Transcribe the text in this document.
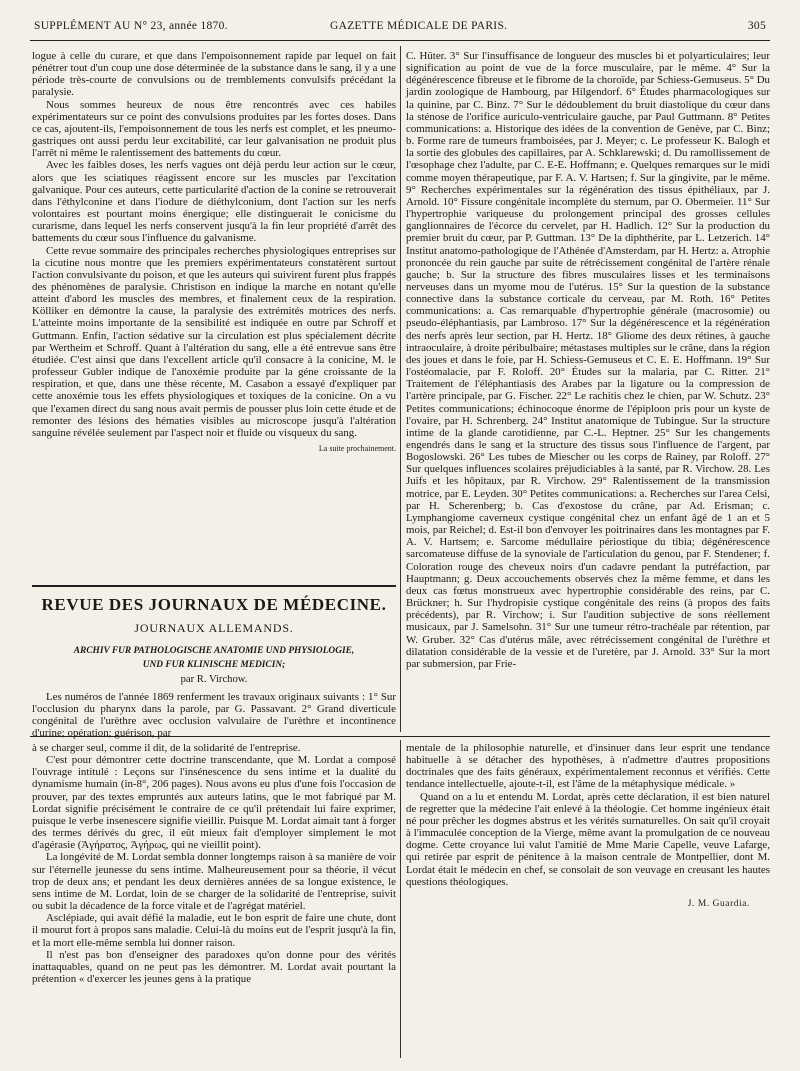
SUPPLÉMENT AU N° 23, année 1870.	GAZETTE MÉDICALE DE PARIS.	305

logue à celle du curare, et que dans l'empoisonnement rapide par lequel on fait pénétrer tout d'un coup une dose déterminée de la substance dans le sang, il y a une période très-courte de convulsions ou de tremblements convulsifs précédant la paralysie.

Nous sommes heureux de nous être rencontrés avec ces habiles expérimentateurs sur ce point des convulsions produites par les fortes doses. Dans ce cas, ajoutent-ils, l'empoisonnement de tous les nerfs est complet, et les pneumo-gastriques ont aussi perdu leur excitabilité, car leur galvanisation ne produit plus l'arrêt ni même le ralentissement des battements du cœur.

Avec les faibles doses, les nerfs vagues ont déjà perdu leur action sur le cœur, alors que les sciatiques réagissent encore sur les muscles par l'excitation galvanique. Pour ces auteurs, cette particularité d'action de la conine se retrouverait dans l'éthylconine et dans l'iodure de diéthylconium, dont l'action sur les nerfs volontaires est pourtant moins énergique; elle distinguerait le conicisme du curarisme, dans lequel les nerfs conservent jusqu'à la fin leur propriété d'arrêt des battements du cœur sous l'influence du galvanisme.

Cette revue sommaire des principales recherches physiologiques entreprises sur la cicutine nous montre que les premiers expérimentateurs constatèrent surtout l'action convulsivante du poison, et que les auteurs qui suivirent furent plus frappés des phénomènes de paralysie. Christison en indique la marche en notant qu'elle atteint d'abord les muscles des membres, et finalement ceux de la respiration. Kölliker en démontre la cause, la paralysie des extrémités motrices des nerfs. L'atteinte moins importante de la sensibilité est indiquée en outre par Schroff et Guttmann. Enfin, l'action sédative sur la circulation est plus spécialement décrite par Wertheim et Schroff. Quant à l'altération du sang, elle a été entrevue sans être étudiée. C'est ainsi que dans l'excellent article qu'il consacre à la conicine, M. le professeur Gubler indique de l'anoxémie produite par la géne croissante de la respiration, et que, dans une thèse récente, M. Casabon a essayé d'expliquer par cette anoxémie tous les effets physiologiques et toxiques de la conicine. On a vu que l'examen direct du sang nous avait permis de pousser plus loin cette étude et de remonter des lésions des hématies visibles au microscope jusqu'à l'altération sanguine révélée seulement par l'aspect noir et fluide ou visqueux du sang.

La suite prochainement.
REVUE DES JOURNAUX DE MÉDECINE.
JOURNAUX ALLEMANDS.

ARCHIV FUR PATHOLOGISCHE ANATOMIE UND PHYSIOLOGIE,

UND FUR KLINISCHE MEDICIN;

par R. Virchow.

Les numéros de l'année 1869 renferment les travaux originaux suivants : 1° Sur l'occlusion du pharynx dans la parole, par G. Passavant. 2° Grand diverticule congénital de l'urèthre avec occlusion valvulaire de l'urèthre et incontinence d'urine; opération; guérison, par

C. Hüter. 3° Sur l'insuffisance de longueur des muscles bi et polyarticulaires; leur signification au point de vue de la force musculaire, par le même. 4° Sur la dégénérescence fibreuse et le fibrome de la choroïde, par Schiess-Gemuseus. 5° Du jardin zoologique de Hambourg, par Hilgendorf. 6° Études pharmacologiques sur la quinine, par C. Binz. 7° Sur le dédoublement du bruit diastolique du cœur dans la sténose de l'orifice auriculo-ventriculaire gauche, par Paul Guttmann. 8° Petites communications: a. Historique des idées de la convention de Genève, par C. Binz; b. Forme rare de tumeurs framboisées, par J. Meyer; c. Le professeur K. Balogh et la sortie des globules des capillaires, par A. Schklarewski; d. Du ramollissement de l'œsophage chez l'adulte, par C. E-E. Hoffmann; e. Quelques remarques sur le midi comme moyen thérapeutique, par F. A. V. Hartsen; f. Sur la gingivite, par le même. 9° Recherches expérimentales sur la régénération des tissus épithéliaux, par J. Arnold. 10° Fissure congénitale incomplète du sternum, par O. Obermeier. 11° Sur l'hypertrophie variqueuse du prolongement principal des grosses cellules ganglionnaires de l'écorce du cervelet, par H. Hadlich. 12° Sur la production du premier bruit du cœur, par P. Guttman. 13° De la diphthérite, par L. Letzerich. 14° Institut anatomo-pathologique de l'Athénée d'Amsterdam, par H. Hertz: a. Atrophie prononcée du rein gauche par suite de rétrécissement congénital de l'artère rénale gauche; b. Sur la structure des fibres musculaires lisses et les terminaisons nerveuses dans un myome mou de l'utérus. 15° Sur la question de la substance connective dans la substance corticale du cerveau, par M. Roth. 16° Petites communications: a. Cas remarquable d'hypertrophie générale (macrosomie) ou pseudo-éléphantiasis, par Lambroso. 17° Sur la dégénérescence et la régénération des nerfs après leur section, par H. Hertz. 18° Gliome des deux rétines, à gauche intraoculaire, à droite péribulbaire; métastases multiples sur le crâne, dans la région des joues et dans le foie, par H. Schiess-Gemuseus et C. E. E. Hoffmann. 19° Sur l'ostéomalacie, par F. Roloff. 20° Études sur la malaria, par C. Ritter. 21° Traitement de l'éléphantiasis des Arabes par la ligature ou la compression de l'artère principale, par G. Fischer. 22° Le rachitis chez le chien, par W. Schutz. 23° Petites communications; échinocoque énorme de l'épiploon pris pour un kyste de l'ovaire, par H. Schrenberg. 24° Institut anatomique de Tubingue. Sur la structure intime de la glande carotidienne, par C.-L. Heptner. 25° Sur les changements engendrés dans le sang et la structure des tissus sous l'influence de l'argent, par Bogoslowski. 26° Les tubes de Miescher ou les corps de Rainey, par Roloff. 27° Sur quelques influences scolaires préjudiciables à la santé, par R. Virchow. 28. Les Juifs et les hôpitaux, par R. Virchow. 29° Ralentissement de la transmission motrice, par E. Leyden. 30° Petites communications: a. Recherches sur l'area Celsi, par H. Scherenberg; b. Cas d'exostose du crâne, par Ad. Erisman; c. Lymphangiome caverneux cystique congénital chez un enfant âgé de 1 an et 5 mois, par Reichel; d. Est-il bon d'envoyer les poitrinaires dans les montagnes par F. A. V. Hartsem; e. Sarcome médullaire périostique du tibia; dégénérescence sarcomateuse diffuse de la synoviale de l'articulation du genou, par F. Stendener; f. Coloration rouge des cheveux noirs d'un cadavre pendant la putréfaction, par Hauptmann; g. Deux accouchements observés chez la même femme, et dans les deux cas fœtus monstrueux avec hypertrophie considérable des reins, par C. Brückner; h. Sur l'hydropisie cystique congénitale des reins (à propos des faits précédents), par R. Virchow; i. Sur l'audition subjective de sons réellement musicaux, par J. Samelsohn. 31° Sur une tumeur rétro-trachéale par rétention, par W. Gruber. 32° Cas d'utérus mâle, avec rétrécissement congénital de l'urèthre et dilatation considérable de la vessie et de l'uretère, par J. Arnold. 33° Sur la mort par submersion, par Frie-

à se charger seul, comme il dit, de la solidarité de l'entreprise.

C'est pour démontrer cette doctrine transcendante, que M. Lordat a composé l'ouvrage intitulé : Leçons sur l'insénescence du sens intime et la dualité du dynamisme humain (in-8°, 206 pages). Nous avons eu plus d'une fois l'occasion de prouver, par des textes empruntés aux auteurs latins, que le mot fabriqué par M. Lordat signifie précisément le contraire de ce qu'il prétendait lui faire exprimer, puisque le verbe insenescere signifie vieillir. Puisque M. Lordat aimait tant à forger des termes dérivés du grec, il eût mieux fait d'employer simplement le mot d'agérasie (Ἀγήρατος, Ἀγήρως, qui ne vieillit point).

La longévité de M. Lordat sembla donner longtemps raison à sa manière de voir sur l'éternelle jeunesse du sens intime. Malheureusement pour sa théorie, il vécut trop de deux ans; et pendant les deux dernières années de sa longue existence, le sens intime de M. Lordat, loin de se charger de la solidarité de l'entreprise, suivit ou subit la décadence de la force vitale et de l'agrégat matériel.

Asclépiade, qui avait défié la maladie, eut le bon esprit de faire une chute, dont il mourut fort à propos sans maladie. Celui-là du moins eut de l'esprit jusqu'à la fin, et la mort elle-même sembla lui donner raison.

Il n'est pas bon d'enseigner des paradoxes qu'on donne pour des vérités inattaquables, quand on ne peut pas les démontrer. M. Lordat avait pourtant la prétention « d'exercer les jeunes gens à la pratique

mentale de la philosophie naturelle, et d'insinuer dans leur esprit une tendance habituelle à se détacher des hypothèses, à n'admettre d'autres propositions doctrinales que des faits généraux, expérimentalement reconnus et vérifiés. Cette tendance intellectuelle, ajoute-t-il, est l'âme de la métaphysique médicale. »

Quand on a lu et entendu M. Lordat, après cette déclaration, il est bien naturel de regretter que la médecine l'ait enlevé à la théologie. Cet homme ingénieux était né pour prêcher les dogmes abstrus et les vérités surnaturelles. On sait qu'il croyait à l'immaculée conception de la Vierge, même avant la promulgation de ce nouveau dogme. Cette croyance lui valut l'amitié de Mme Marie Capelle, veuve Lafarge, qui retirée par esprit de pénitence à la maison centrale de Montpellier, dont M. Lordat était le médecin en chef, se consolait de son veuvage en creusant les hautes questions théologiques.

J. M. Guardia.
